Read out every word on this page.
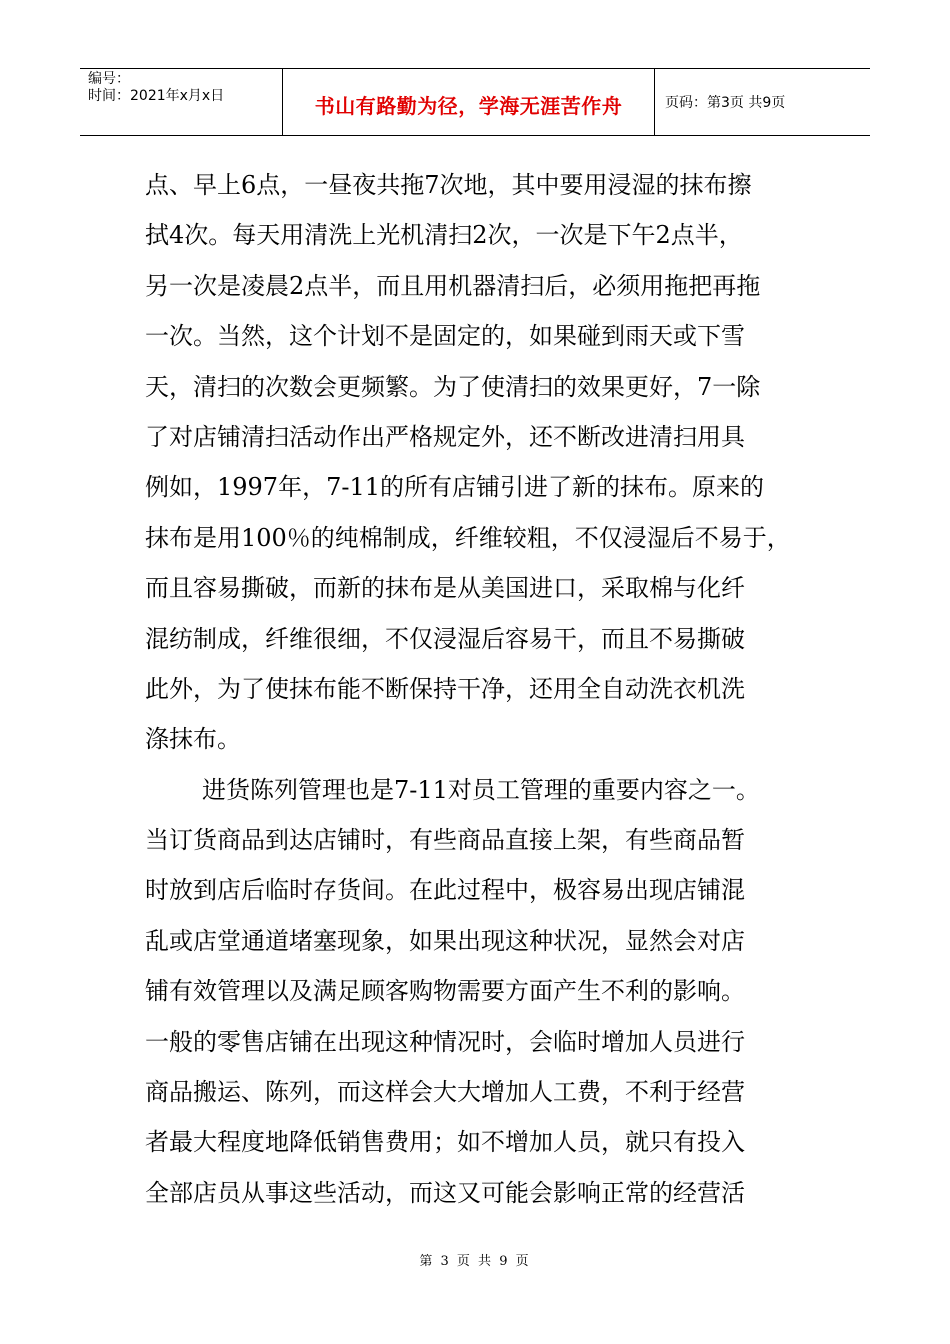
编号：
时间：2021年x月x日	书山有路勤为径，学海无涯苦作舟	页码：第3页 共9页

点、早上6点，一昼夜共拖7次地，其中要用浸湿的抹布擦
拭4次。每天用清洗上光机清扫2次，一次是下午2点半，
另一次是凌晨2点半，而且用机器清扫后，必须用拖把再拖
一次。当然，这个计划不是固定的，如果碰到雨天或下雪
天，清扫的次数会更频繁。为了使清扫的效果更好，7一除
了对店铺清扫活动作出严格规定外，还不断改进清扫用具
例如，1997年，7-11的所有店铺引进了新的抹布。原来的
抹布是用100％的纯棉制成，纤维较粗，不仅浸湿后不易于，
而且容易撕破，而新的抹布是从美国进口，采取棉与化纤
混纺制成，纤维很细，不仅浸湿后容易干，而且不易撕破
此外，为了使抹布能不断保持干净，还用全自动洗衣机洗
涤抹布。

进货陈列管理也是7-11对员工管理的重要内容之一。
当订货商品到达店铺时，有些商品直接上架，有些商品暂
时放到店后临时存货间。在此过程中，极容易出现店铺混
乱或店堂通道堵塞现象，如果出现这种状况，显然会对店
铺有效管理以及满足顾客购物需要方面产生不利的影响。
一般的零售店铺在出现这种情况时，会临时增加人员进行
商品搬运、陈列，而这样会大大增加人工费，不利于经营
者最大程度地降低销售费用；如不增加人员，就只有投入
全部店员从事这些活动，而这又可能会影响正常的经营活

第 3 页 共 9 页
